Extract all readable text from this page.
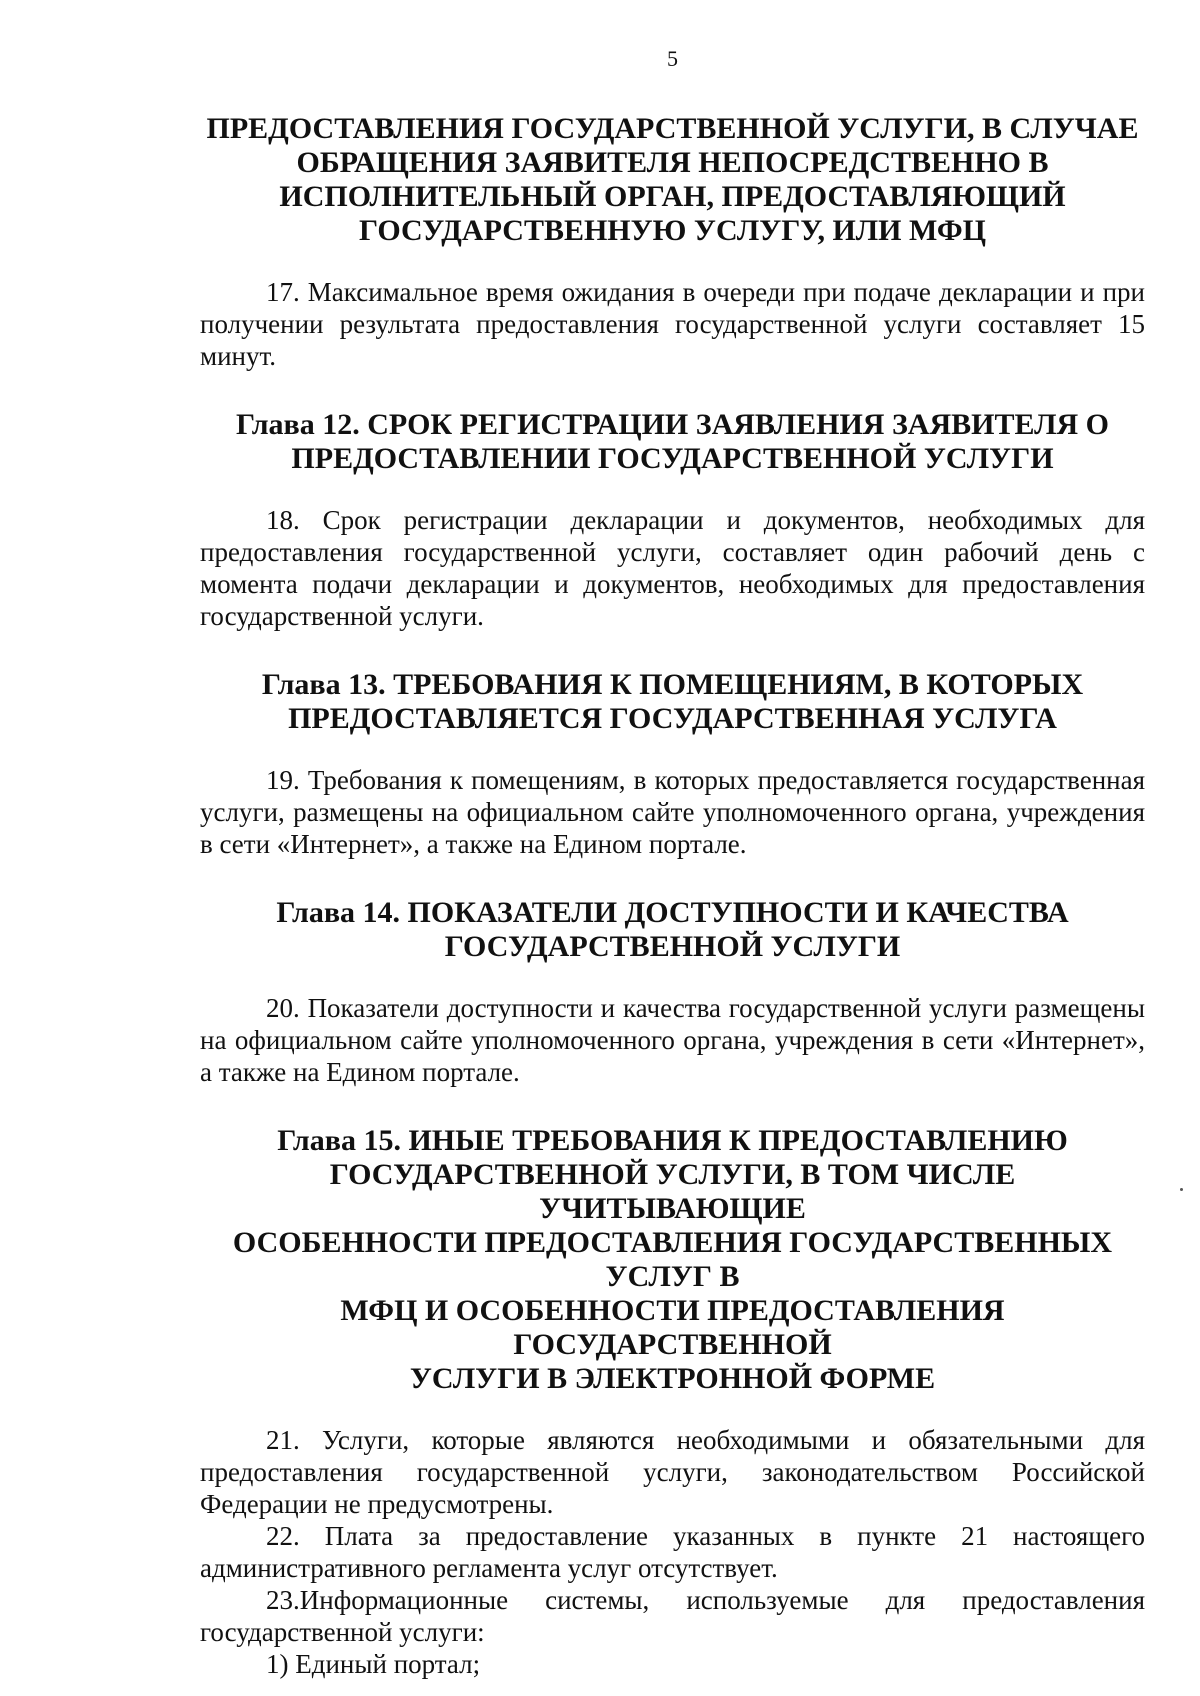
5
ПРЕДОСТАВЛЕНИЯ ГОСУДАРСТВЕННОЙ УСЛУГИ, В СЛУЧАЕ
ОБРАЩЕНИЯ ЗАЯВИТЕЛЯ НЕПОСРЕДСТВЕННО В
ИСПОЛНИТЕЛЬНЫЙ ОРГАН, ПРЕДОСТАВЛЯЮЩИЙ
ГОСУДАРСТВЕННУЮ УСЛУГУ, ИЛИ МФЦ

17. Максимальное время ожидания в очереди при подаче декларации и при получении результата предоставления государственной услуги составляет 15 минут.

Глава 12. СРОК РЕГИСТРАЦИИ ЗАЯВЛЕНИЯ ЗАЯВИТЕЛЯ О
ПРЕДОСТАВЛЕНИИ ГОСУДАРСТВЕННОЙ УСЛУГИ

18. Срок регистрации декларации и документов, необходимых для предоставления государственной услуги, составляет один рабочий день с момента подачи декларации и документов, необходимых для предоставления государственной услуги.

Глава 13. ТРЕБОВАНИЯ К ПОМЕЩЕНИЯМ, В КОТОРЫХ
ПРЕДОСТАВЛЯЕТСЯ ГОСУДАРСТВЕННАЯ УСЛУГА

19. Требования к помещениям, в которых предоставляется государственная услуги, размещены на официальном сайте уполномоченного органа, учреждения в сети «Интернет», а также на Едином портале.

Глава 14. ПОКАЗАТЕЛИ ДОСТУПНОСТИ И КАЧЕСТВА
ГОСУДАРСТВЕННОЙ УСЛУГИ

20. Показатели доступности и качества государственной услуги размещены на официальном сайте уполномоченного органа, учреждения в сети «Интернет», а также на Едином портале.

Глава 15. ИНЫЕ ТРЕБОВАНИЯ К ПРЕДОСТАВЛЕНИЮ
ГОСУДАРСТВЕННОЙ УСЛУГИ, В ТОМ ЧИСЛЕ УЧИТЫВАЮЩИЕ
ОСОБЕННОСТИ ПРЕДОСТАВЛЕНИЯ ГОСУДАРСТВЕННЫХ УСЛУГ В
МФЦ И ОСОБЕННОСТИ ПРЕДОСТАВЛЕНИЯ ГОСУДАРСТВЕННОЙ
УСЛУГИ В ЭЛЕКТРОННОЙ ФОРМЕ

21. Услуги, которые являются необходимыми и обязательными для предоставления государственной услуги, законодательством Российской Федерации не предусмотрены.

22. Плата за предоставление указанных в пункте 21 настоящего административного регламента услуг отсутствует.

23.Информационные системы, используемые для предоставления государственной услуги:

1) Единый портал;
